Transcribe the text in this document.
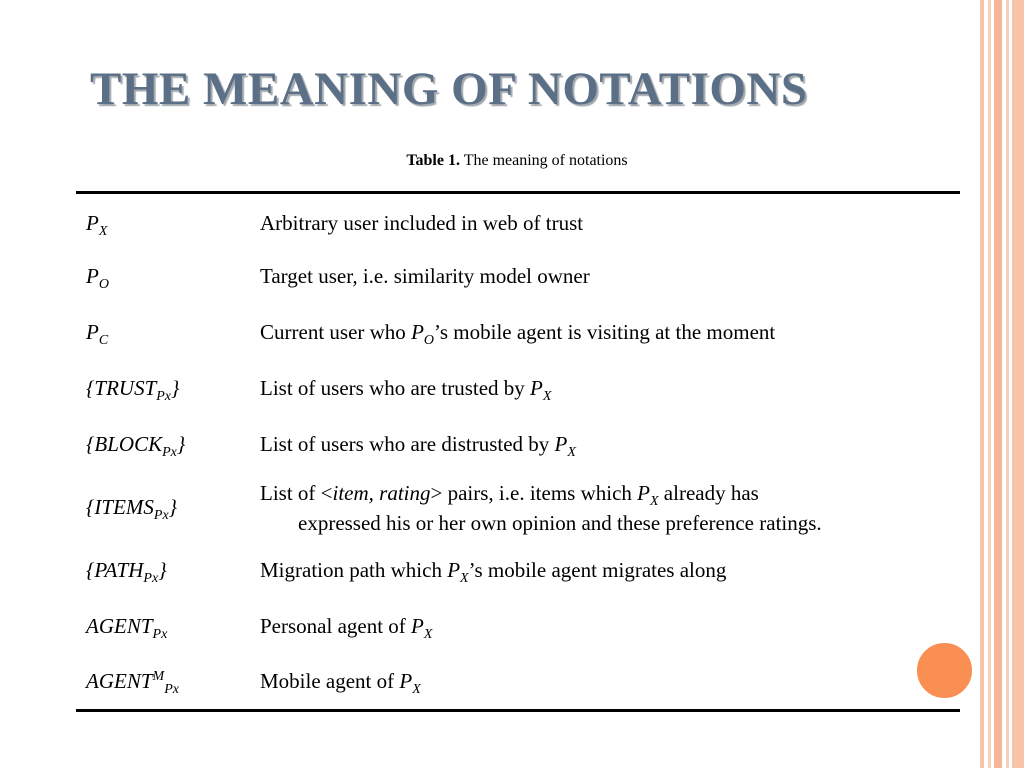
THE MEANING OF NOTATIONS
Table 1. The meaning of notations
$P_X$	Arbitrary user included in web of trust
$P_O$	Target user, i.e. similarity model owner
$P_C$	Current user who $P_O’s$ mobile agent is visiting at the moment
$\{TRUST_{Px}\}$	List of users who are trusted by $P_X$
$\{BLOCK_{Px}\}$	List of users who are distrusted by $P_X$
$\{ITEMS_{Px}\}$	List of <item, rating> pairs, i.e. items which $P_X$ already has
expressed his or her own opinion and these preference ratings.

$\{PATH_{Px}\}$	Migration path which $P_X’s$ mobile agent migrates along
$AGENT_{Px}$	Personal agent of $P_X$
$AGENT^M_{Px}$	Mobile agent of $P_X$
